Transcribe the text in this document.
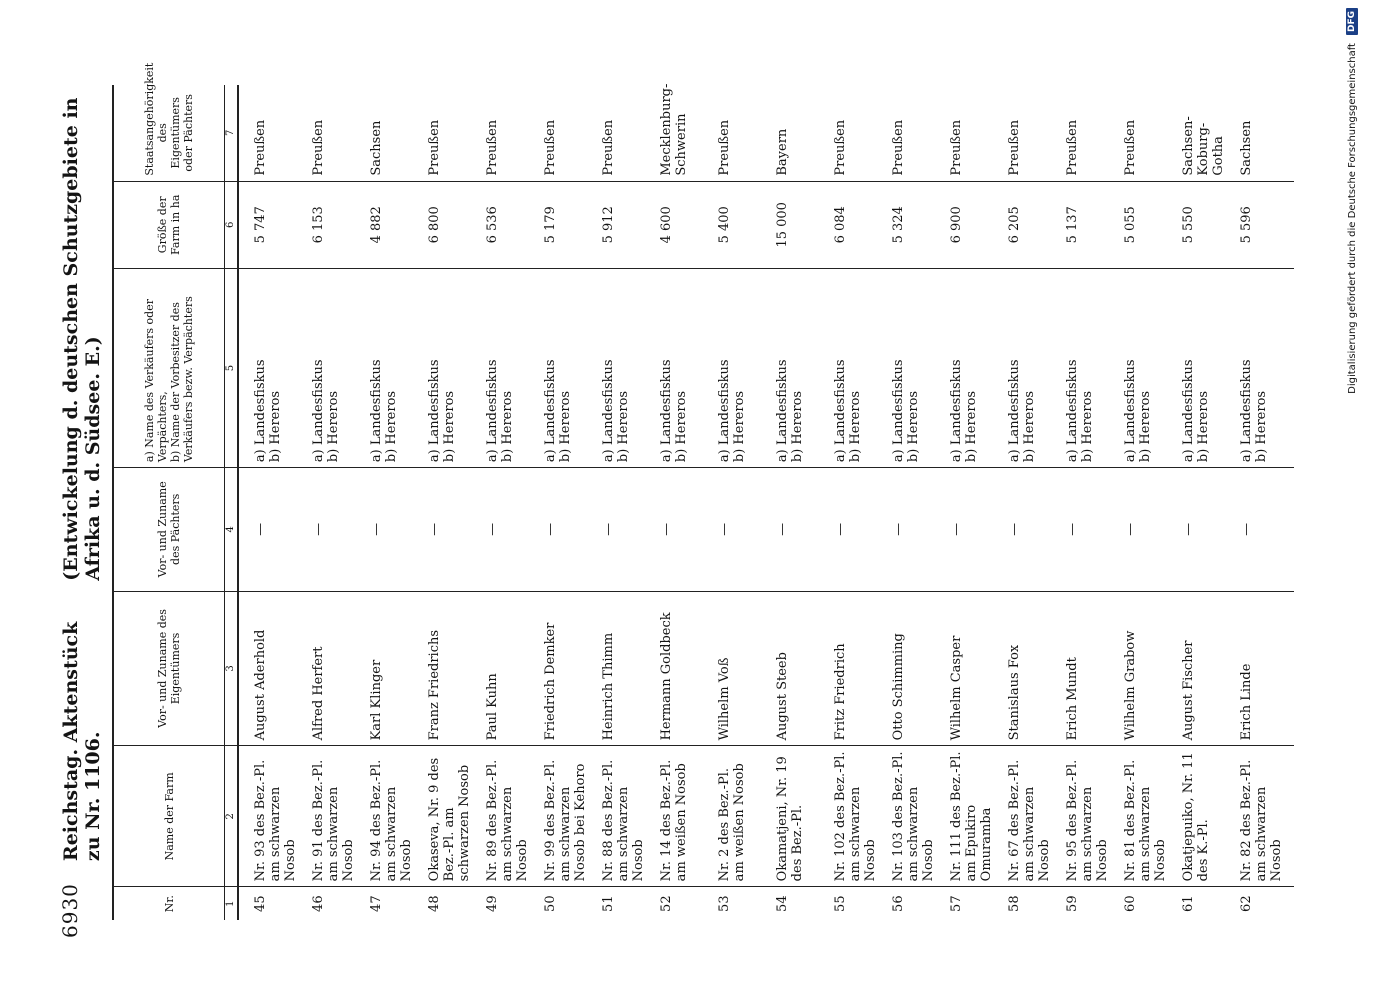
6930
Reichstag. Aktenstück zu Nr. 1106.
(Entwickelung d. deutschen Schutzgebiete in Afrika u. d. Südsee. E.)
Nr.	Name der Farm	Vor- und Zuname des Eigentümers	Vor- und Zuname des Pächters	a) Name des Verkäufers oder Verpächters, b) Name der Vorbesitzer des Verkäufers bezw. Verpächters	Größe der Farm in ha	Staatsangehörigkeit des Eigentümers oder Pächters
1	2	3	4	5	6	7
45	Nr. 93 des Bez.-Pl. am schwarzen Nosob	August Aderhold	—	a) Landesfiskus b) Hereros	5 747	Preußen
46	Nr. 91 des Bez.-Pl. am schwarzen Nosob	Alfred Herfert	—	a) Landesfiskus b) Hereros	6 153	Preußen
47	Nr. 94 des Bez.-Pl. am schwarzen Nosob	Karl Klinger	—	a) Landesfiskus b) Hereros	4 882	Sachsen
48	Okaseva, Nr. 9 des Bez.-Pl. am schwarzen Nosob	Franz Friedrichs	—	a) Landesfiskus b) Hereros	6 800	Preußen
49	Nr. 89 des Bez.-Pl. am schwarzen Nosob	Paul Kuhn	—	a) Landesfiskus b) Hereros	6 536	Preußen
50	Nr. 99 des Bez.-Pl. am schwarzen Nosob bei Kehoro	Friedrich Demker	—	a) Landesfiskus b) Hereros	5 179	Preußen
51	Nr. 88 des Bez.-Pl. am schwarzen Nosob	Heinrich Thimm	—	a) Landesfiskus b) Hereros	5 912	Preußen
52	Nr. 14 des Bez.-Pl. am weißen Nosob	Hermann Goldbeck	—	a) Landesfiskus b) Hereros	4 600	Mecklenburg-Schwerin
53	Nr. 2 des Bez.-Pl. am weißen Nosob	Wilhelm Voß	—	a) Landesfiskus b) Hereros	5 400	Preußen
54	Okamatjeni, Nr. 19 des Bez.-Pl.	August Steeb	—	a) Landesfiskus b) Hereros	15 000	Bayern
55	Nr. 102 des Bez.-Pl. am schwarzen Nosob	Fritz Friedrich	—	a) Landesfiskus b) Hereros	6 084	Preußen
56	Nr. 103 des Bez.-Pl. am schwarzen Nosob	Otto Schimming	—	a) Landesfiskus b) Hereros	5 324	Preußen
57	Nr. 111 des Bez.-Pl. am Epukiro Omuramba	Wilhelm Casper	—	a) Landesfiskus b) Hereros	6 900	Preußen
58	Nr. 67 des Bez.-Pl. am schwarzen Nosob	Stanislaus Fox	—	a) Landesfiskus b) Hereros	6 205	Preußen
59	Nr. 95 des Bez.-Pl. am schwarzen Nosob	Erich Mundt	—	a) Landesfiskus b) Hereros	5 137	Preußen
60	Nr. 81 des Bez.-Pl. am schwarzen Nosob	Wilhelm Grabow	—	a) Landesfiskus b) Hereros	5 055	Preußen
61	Okatjepuiko, Nr. 11 des K.-Pl.	August Fischer	—	a) Landesfiskus b) Hereros	5 550	Sachsen-Koburg-Gotha
62	Nr. 82 des Bez.-Pl. am schwarzen Nosob	Erich Linde	—	a) Landesfiskus b) Hereros	5 596	Sachsen	Digitalisierung gefördert durch die Deutsche Forschungsgemeinschaft
DFG
